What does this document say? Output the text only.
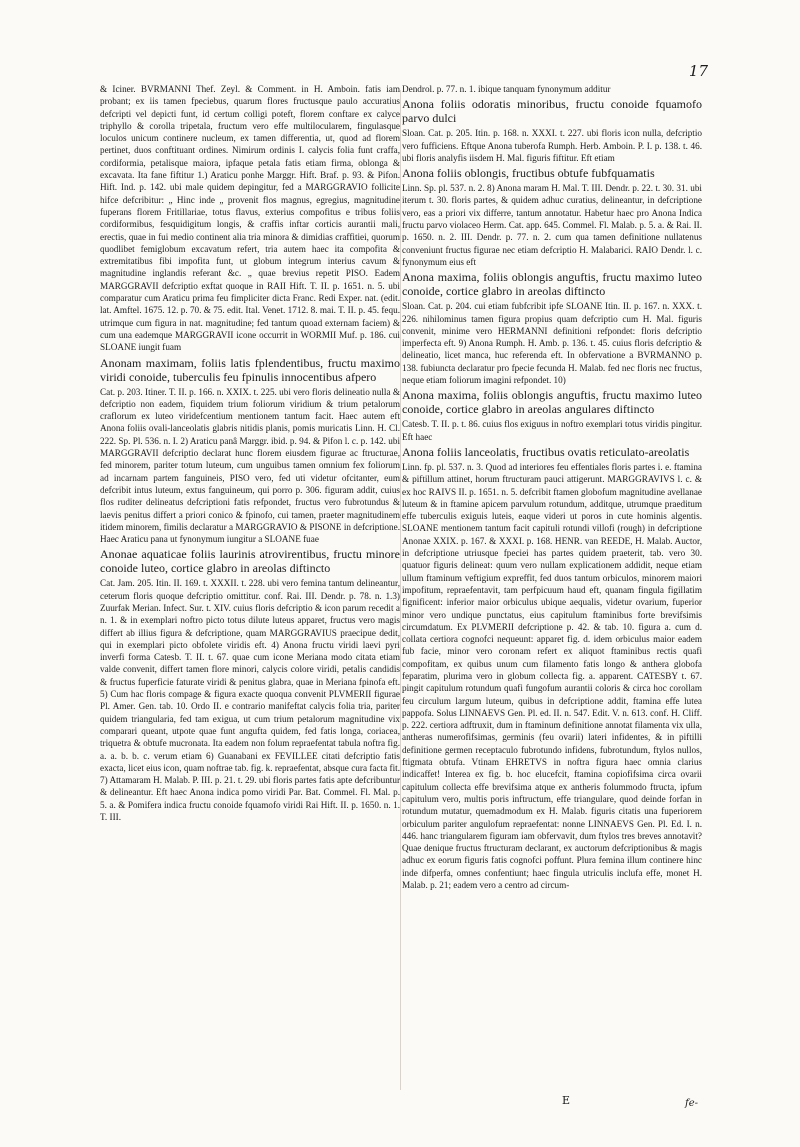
17

& Iciner. BVRMANNI Thef. Zeyl. & Comment. in H. Amboin. fatis iam probant; ex iis tamen fpeciebus, quarum flores fructusque paulo accuratius defcripti vel depicti funt, id certum colligi poteft, florem conftare ex calyce triphyllo & corolla tripetala, fructum vero effe multilocularem, fingulasque loculos unicum continere nucleum, ex tamen differentia, ut, quod ad florem pertinet, duos conftituant ordines. Nimirum ordinis I. calycis folia funt craffa, cordiformia, petalisque maiora, ipfaque petala fatis etiam firma, oblonga & excavata. Ita fane fiftitur 1.) Araticu ponhe Marggr. Hift. Braf. p. 93. & Pifon. Hift. Ind. p. 142. ubi male quidem depingitur, fed a MARGGRAVIO follicite hifce defcribitur: „ Hinc inde „ provenit flos magnus, egregius, magnitudine fuperans florem Fritillariae, totus flavus, exterius compofitus e tribus foliis cordiformibus, fesquidigitum longis, & craffis inftar corticis aurantii mali, erectis, quae in fui medio continent alia tria minora & dimidias craffitiei, quorum quodlibet femiglobum excavatum refert, tria autem haec ita compofita & extremitatibus fibi impofita funt, ut globum integrum interius cavum & magnitudine inglandis referant &c. „ quae brevius repetit PISO. Eadem MARGGRAVII defcriptio exftat quoque in RAII Hift. T. II. p. 1651. n. 5. ubi comparatur cum Araticu prima feu fimpliciter dicta Franc. Redi Exper. nat. (edit. lat. Amftel. 1675. 12. p. 70. & 75. edit. Ital. Venet. 1712. 8. mai. T. II. p. 45. fequ. utrimque cum figura in nat. magnitudine; fed tantum quoad externam faciem) & cum una eademque MARGGRAVII icone occurrit in WORMII Muf. p. 186. cui SLOANE iungit fuam

Anonam maximam, foliis latis fplendentibus, fructu maximo viridi conoide, tuberculis feu fpinulis innocentibus afpero

Cat. p. 203. Itiner. T. II. p. 166. n. XXIX. t. 225. ubi vero floris delineatio nulla & defcriptio non eadem, fiquidem trium foliorum viridium & trium petalorum craflorum ex luteo viridefcentium mentionem tantum facit. Haec autem eft Anona foliis ovali-lanceolatis glabris nitidis planis, pomis muricatis Linn. H. Cl. 222. Sp. Pl. 536. n. I. 2) Araticu panâ Marggr. ibid. p. 94. & Pifon l. c. p. 142. ubi MARGGRAVII defcriptio declarat hunc florem eiusdem figurae ac ftructurae, fed minorem, pariter totum luteum, cum unguibus tamen omnium fex foliorum ad incarnam partem fanguineis, PISO vero, fed uti videtur ofcitanter, eum defcribit intus luteum, extus fanguineum, qui porro p. 306. figuram addit, cuius flos ruditer delineatus defcriptioni fatis refpondet, fructus vero fubrotundus & laevis penitus differt a priori conico & fpinofo, cui tamen, praeter magnitudinem itidem minorem, fimilis declaratur a MARGGRAVIO & PISONE in defcriptione. Haec Araticu pana ut fynonymum iungitur a SLOANE fuae

Anonae aquaticae foliis laurinis atrovirentibus, fructu minore conoide luteo, cortice glabro in areolas diftincto

Cat. Jam. 205. Itin. II. 169. t. XXXII. t. 228. ubi vero femina tantum delineantur, ceterum floris quoque defcriptio omittitur. conf. Rai. III. Dendr. p. 78. n. 1.3) Zuurfak Merian. Infect. Sur. t. XIV. cuius floris defcriptio & icon parum recedit a n. 1. & in exemplari noftro picto totus dilute luteus apparet, fructus vero magis differt ab illius figura & defcriptione, quam MARGGRAVIUS praecipue dedit, qui in exemplari picto obfolete viridis eft. 4) Anona fructu viridi laevi pyri inverfi forma Catesb. T. II. t. 67. quae cum icone Meriana modo citata etiam valde convenit, differt tamen flore minori, calycis colore viridi, petalis candidis & fructus fuperficie faturate viridi & penitus glabra, quae in Meriana fpinofa eft. 5) Cum hac floris compage & figura exacte quoqua convenit PLVMERII figurae Pl. Amer. Gen. tab. 10. Ordo II. e contrario manifeftat calycis folia tria, pariter quidem triangularia, fed tam exigua, ut cum trium petalorum magnitudine vix comparari queant, utpote quae funt angufta quidem, fed fatis longa, coriacea, triquetra & obtufe mucronata. Ita eadem non folum repraefentat tabula noftra fig. a. a. b. b. c. verum etiam 6) Guanabani ex FEVILLEE citati defcriptio fatis exacta, licet eius icon, quam noftrae tab. fig. k. repraefentat, absque cura facta fit. 7) Attamaram H. Malab. P. III. p. 21. t. 29. ubi floris partes fatis apte defcribuntur & delineantur. Eft haec Anona indica pomo viridi Par. Bat. Commel. Fl. Mal. p. 5. a. & Pomifera indica fructu conoide fquamofo viridi Rai Hift. II. p. 1650. n. 1. T. III.

Dendrol. p. 77. n. 1. ibique tanquam fynonymum additur

Anona foliis odoratis minoribus, fructu conoide fquamofo parvo dulci

Sloan. Cat. p. 205. Itin. p. 168. n. XXXI. t. 227. ubi floris icon nulla, defcriptio vero fufficiens. Eftque Anona tuberofa Rumph. Herb. Amboin. P. I. p. 138. t. 46. ubi floris analyfis iisdem H. Mal. figuris fiftitur. Eft etiam

Anona foliis oblongis, fructibus obtufe fubfquamatis

Linn. Sp. pl. 537. n. 2. 8) Anona maram H. Mal. T. III. Dendr. p. 22. t. 30. 31. ubi iterum t. 30. floris partes, & quidem adhuc curatius, delineantur, in defcriptione vero, eas a priori vix differre, tantum annotatur. Habetur haec pro Anona Indica fructu parvo violaceo Herm. Cat. app. 645. Commel. Fl. Malab. p. 5. a. & Rai. II. p. 1650. n. 2. III. Dendr. p. 77. n. 2. cum qua tamen definitione nullatenus conveniunt fructus figurae nec etiam defcriptio H. Malabarici. RAIO Dendr. l. c. fynonymum eius eft

Anona maxima, foliis oblongis anguftis, fructu maximo luteo conoide, cortice glabro in areolas diftincto

Sloan. Cat. p. 204. cui etiam fubfcribit ipfe SLOANE Itin. II. p. 167. n. XXX. t. 226. nihilominus tamen figura propius quam defcriptio cum H. Mal. figuris convenit, minime vero HERMANNI definitioni refpondet: floris defcriptio imperfecta eft. 9) Anona Rumph. H. Amb. p. 136. t. 45. cuius floris defcriptio & delineatio, licet manca, huc referenda eft. In obfervatione a BVRMANNO p. 138. fubiuncta declaratur pro fpecie fecunda H. Malab. fed nec floris nec fructus, neque etiam foliorum imagini refpondet. 10)

Anona maxima, foliis oblongis anguftis, fructu maximo luteo conoide, cortice glabro in areolas angulares diftincto

Catesb. T. II. p. t. 86. cuius flos exiguus in noftro exemplari totus viridis pingitur. Eft haec

Anona foliis lanceolatis, fructibus ovatis reticulato-areolatis

Linn. fp. pl. 537. n. 3. Quod ad interiores feu effentiales floris partes i. e. ftamina & piftillum attinet, horum ftructuram pauci attigerunt. MARGGRAVIVS l. c. & ex hoc RAIVS II. p. 1651. n. 5. defcribit ftamen globofum magnitudine avellanae luteum & in ftamine apicem parvulum rotundum, additque, utrumque praeditum effe tuberculis exiguis luteis, eaque videri ut poros in cute hominis algentis. SLOANE mentionem tantum facit capituli rotundi villofi (rough) in defcriptione Anonae XXIX. p. 167. & XXXI. p. 168. HENR. van REEDE, H. Malab. Auctor, in defcriptione utriusque fpeciei has partes quidem praeterit, tab. vero 30. quatuor figuris delineat: quum vero nullam explicationem addidit, neque etiam ullum ftaminum veftigium expreffit, fed duos tantum orbiculos, minorem maiori impofitum, repraefentavit, tam perfpicuum haud eft, quanam fingula figillatim fignificent: inferior maior orbiculus ubique aequalis, videtur ovarium, fuperior minor vero undique punctatus, eius capitulum ftaminibus forte brevifsimis circumdatum. Ex PLVMERII defcriptione p. 42. & tab. 10. figura a. cum d. collata certiora cognofci nequeunt: apparet fig. d. idem orbiculus maior eadem fub facie, minor vero coronam refert ex aliquot ftaminibus rectis quafi compofitam, ex quibus unum cum filamento fatis longo & anthera globofa feparatim, plurima vero in globum collecta fig. a. apparent. CATESBY t. 67. pingit capitulum rotundum quafi fungofum aurantii coloris & circa hoc corollam feu circulum largum luteum, quibus in defcriptione addit, ftamina effe lutea pappofa. Solus LINNAEVS Gen. Pl. ed. II. n. 547. Edit. V. n. 613. conf. H. Cliff. p. 222. certiora adftruxit, dum in ftaminum definitione annotat filamenta vix ulla, antheras numerofifsimas, germinis (feu ovarii) lateri infidentes, & in piftilli definitione germen receptaculo fubrotundo infidens, fubrotundum, ftylos nullos, ftigmata obtufa. Vtinam EHRETVS in noftra figura haec omnia clarius indicaffet! Interea ex fig. b. hoc elucefcit, ftamina copiofifsima circa ovarii capitulum collecta effe brevifsima atque ex antheris folummodo ftructa, ipfum capitulum vero, multis poris inftructum, effe triangulare, quod deinde forfan in rotundum mutatur, quemadmodum ex H. Malab. figuris citatis una fuperiorem orbiculum pariter angulofum repraefentat: nonne LINNAEVS Gen. Pl. Ed. I. n. 446. hanc triangularem figuram iam obfervavit, dum ftylos tres breves annotavit? Quae denique fructus ftructuram declarant, ex auctorum defcriptionibus & magis adhuc ex eorum figuris fatis cognofci poffunt. Plura femina illum continere hinc inde difperfa, omnes confentiunt; haec fingula utriculis inclufa effe, monet H. Malab. p. 21; eadem vero a centro ad circum-

E	fe-
